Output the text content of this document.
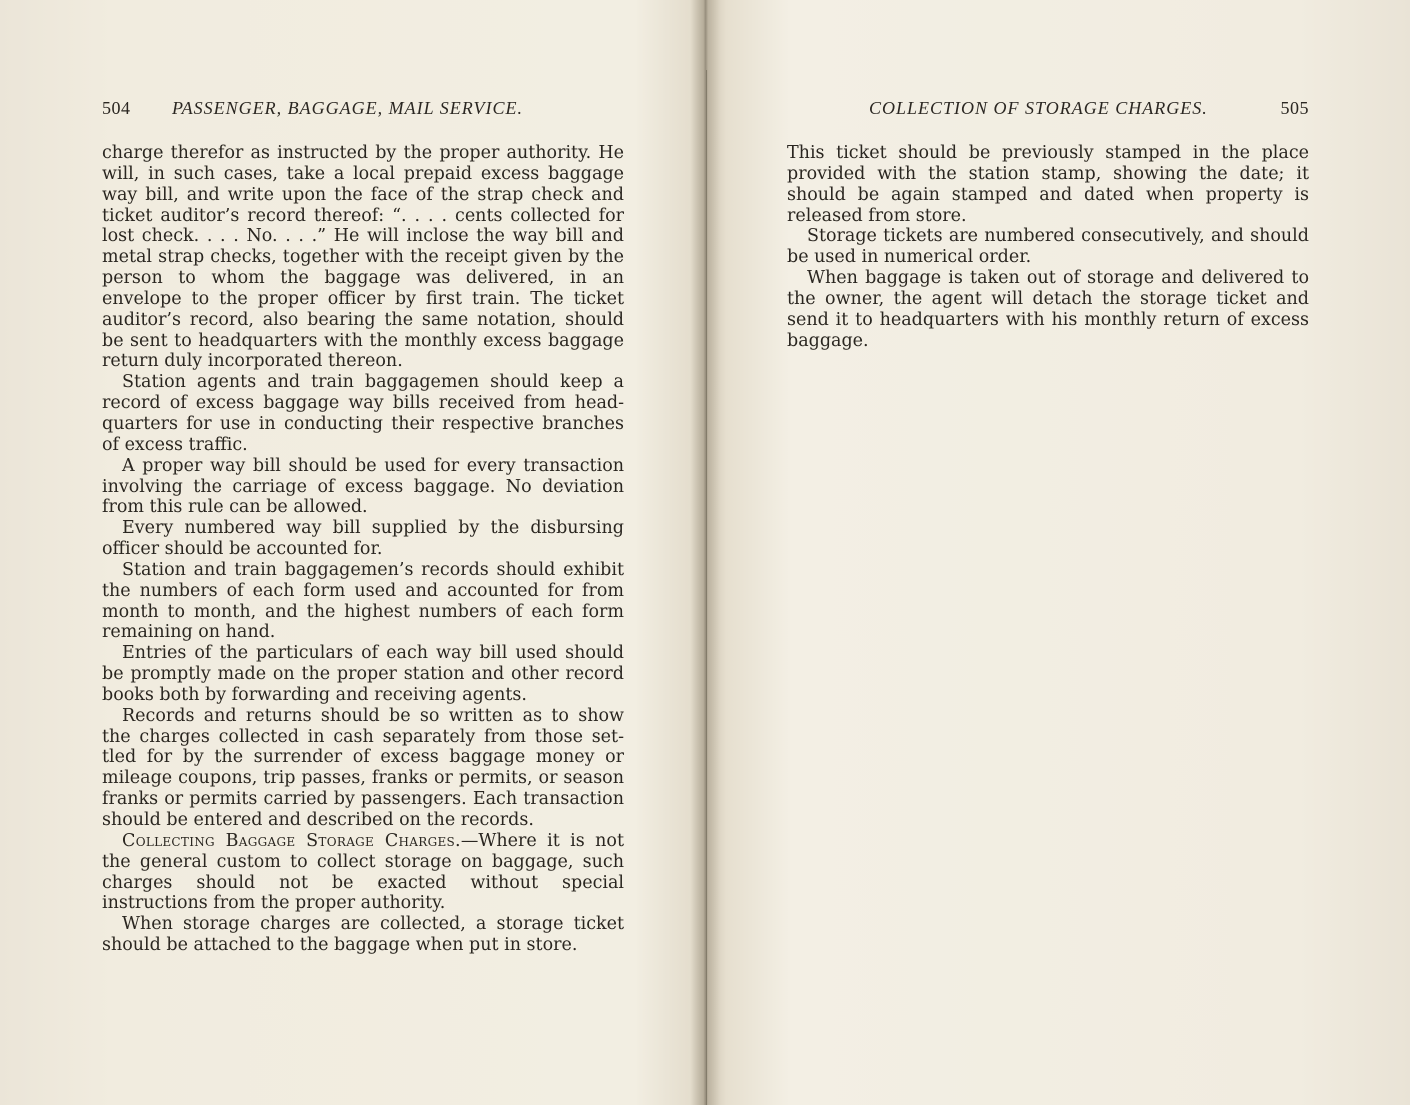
504 PASSENGER, BAGGAGE, MAIL SERVICE.

charge therefor as instructed by the proper authority. He will, in such cases, take a local prepaid excess baggage way bill, and write upon the face of the strap check and ticket auditor’s record thereof: “. . . . cents collected for lost check. . . . No. . . .” He will inclose the way bill and metal strap checks, together with the receipt given by the person to whom the baggage was delivered, in an envelope to the proper officer by first train. The ticket auditor’s record, also bearing the same notation, should be sent to headquarters with the monthly excess baggage return duly incorporated thereon.

Station agents and train baggagemen should keep a record of excess baggage way bills received from headquarters for use in conducting their respective branches of excess traffic.

A proper way bill should be used for every transaction involving the carriage of excess baggage. No deviation from this rule can be allowed.

Every numbered way bill supplied by the disbursing officer should be accounted for.

Station and train baggagemen’s records should exhibit the numbers of each form used and accounted for from month to month, and the highest numbers of each form remaining on hand.

Entries of the particulars of each way bill used should be promptly made on the proper station and other record books both by forwarding and receiving agents.

Records and returns should be so written as to show the charges collected in cash separately from those settled for by the surrender of excess baggage money or mileage coupons, trip passes, franks or permits, or season franks or permits carried by passengers. Each transaction should be entered and described on the records.

Collecting Baggage Storage Charges.—Where it is not the general custom to collect storage on baggage, such charges should not be exacted without special instructions from the proper authority.

When storage charges are collected, a storage ticket should be attached to the baggage when put in store.

COLLECTION OF STORAGE CHARGES.	505

This ticket should be previously stamped in the place provided with the station stamp, showing the date; it should be again stamped and dated when property is released from store.

Storage tickets are numbered consecutively, and should be used in numerical order.

When baggage is taken out of storage and delivered to the owner, the agent will detach the storage ticket and send it to headquarters with his monthly return of excess baggage.
